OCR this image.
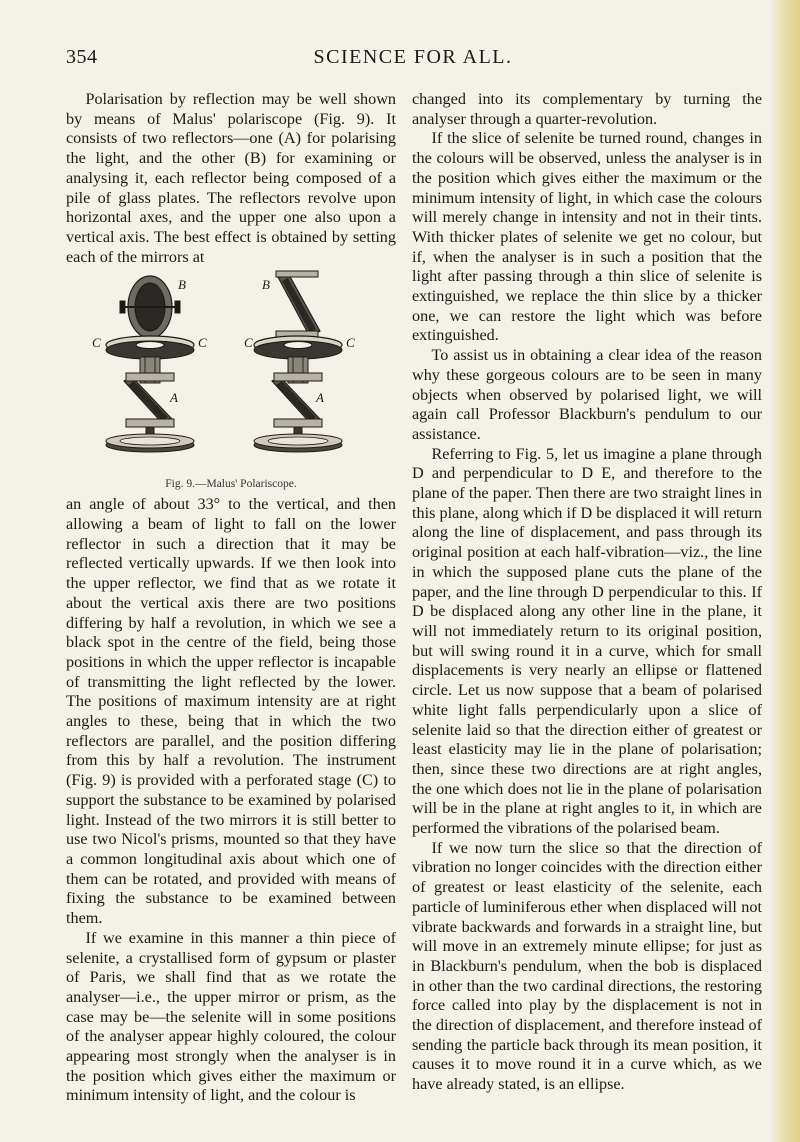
354	SCIENCE FOR ALL.

Polarisation by reflection may be well shown by means of Malus' polariscope (Fig. 9). It consists of two reflectors—one (A) for polarising the light, and the other (B) for examining or analysing it, each reflector being composed of a pile of glass plates. The reflectors revolve upon horizontal axes, and the upper one also upon a vertical axis. The best effect is obtained by setting each of the mirrors at

B
C	C
A
B
C	C
A
Fig. 9.—Malus' Polariscope.

an angle of about 33° to the vertical, and then allowing a beam of light to fall on the lower reflector in such a direction that it may be reflected vertically upwards. If we then look into the upper reflector, we find that as we rotate it about the vertical axis there are two positions differing by half a revolution, in which we see a black spot in the centre of the field, being those positions in which the upper reflector is incapable of transmitting the light reflected by the lower. The positions of maximum intensity are at right angles to these, being that in which the two reflectors are parallel, and the position differing from this by half a revolution. The instrument (Fig. 9) is provided with a perforated stage (C) to support the substance to be examined by polarised light. Instead of the two mirrors it is still better to use two Nicol's prisms, mounted so that they have a common longitudinal axis about which one of them can be rotated, and provided with means of fixing the substance to be examined between them.

If we examine in this manner a thin piece of selenite, a crystallised form of gypsum or plaster of Paris, we shall find that as we rotate the analyser—i.e., the upper mirror or prism, as the case may be—the selenite will in some positions of the analyser appear highly coloured, the colour appearing most strongly when the analyser is in the position which gives either the maximum or minimum intensity of light, and the colour is

changed into its complementary by turning the analyser through a quarter-revolution.

If the slice of selenite be turned round, changes in the colours will be observed, unless the analyser is in the position which gives either the maximum or the minimum intensity of light, in which case the colours will merely change in intensity and not in their tints. With thicker plates of selenite we get no colour, but if, when the analyser is in such a position that the light after passing through a thin slice of selenite is extinguished, we replace the thin slice by a thicker one, we can restore the light which was before extinguished.

To assist us in obtaining a clear idea of the reason why these gorgeous colours are to be seen in many objects when observed by polarised light, we will again call Professor Blackburn's pendulum to our assistance.

Referring to Fig. 5, let us imagine a plane through D and perpendicular to D E, and therefore to the plane of the paper. Then there are two straight lines in this plane, along which if D be displaced it will return along the line of displacement, and pass through its original position at each half-vibration—viz., the line in which the supposed plane cuts the plane of the paper, and the line through D perpendicular to this. If D be displaced along any other line in the plane, it will not immediately return to its original position, but will swing round it in a curve, which for small displacements is very nearly an ellipse or flattened circle. Let us now suppose that a beam of polarised white light falls perpendicularly upon a slice of selenite laid so that the direction either of greatest or least elasticity may lie in the plane of polarisation; then, since these two directions are at right angles, the one which does not lie in the plane of polarisation will be in the plane at right angles to it, in which are performed the vibrations of the polarised beam.

If we now turn the slice so that the direction of vibration no longer coincides with the direction either of greatest or least elasticity of the selenite, each particle of luminiferous ether when displaced will not vibrate backwards and forwards in a straight line, but will move in an extremely minute ellipse; for just as in Blackburn's pendulum, when the bob is displaced in other than the two cardinal directions, the restoring force called into play by the displacement is not in the direction of displacement, and therefore instead of sending the particle back through its mean position, it causes it to move round it in a curve which, as we have already stated, is an ellipse.
